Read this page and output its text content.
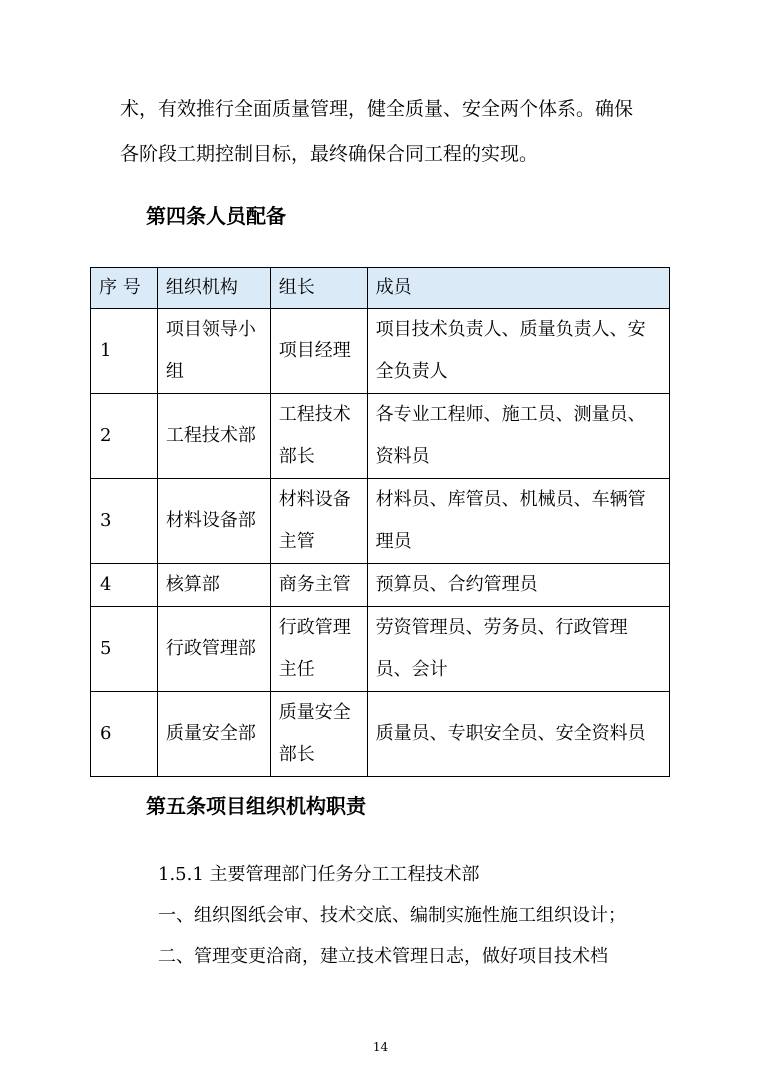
术，有效推行全面质量管理，健全质量、安全两个体系。确保
各阶段工期控制目标，最终确保合同工程的实现。
第四条人员配备
序 号	组织机构	组长	成员
1	项目领导小组	项目经理	项目技术负责人、质量负责人、安全负责人
2	工程技术部	工程技术部长	各专业工程师、施工员、测量员、资料员
3	材料设备部	材料设备主管	材料员、库管员、机械员、车辆管理员
4	核算部	商务主管	预算员、合约管理员
5	行政管理部	行政管理主任	劳资管理员、劳务员、行政管理员、会计
6	质量安全部	质量安全部长	质量员、专职安全员、安全资料员
第五条项目组织机构职责
1.5.1 主要管理部门任务分工工程技术部
一、组织图纸会审、技术交底、编制实施性施工组织设计；
二、管理变更洽商，建立技术管理日志，做好项目技术档
14
